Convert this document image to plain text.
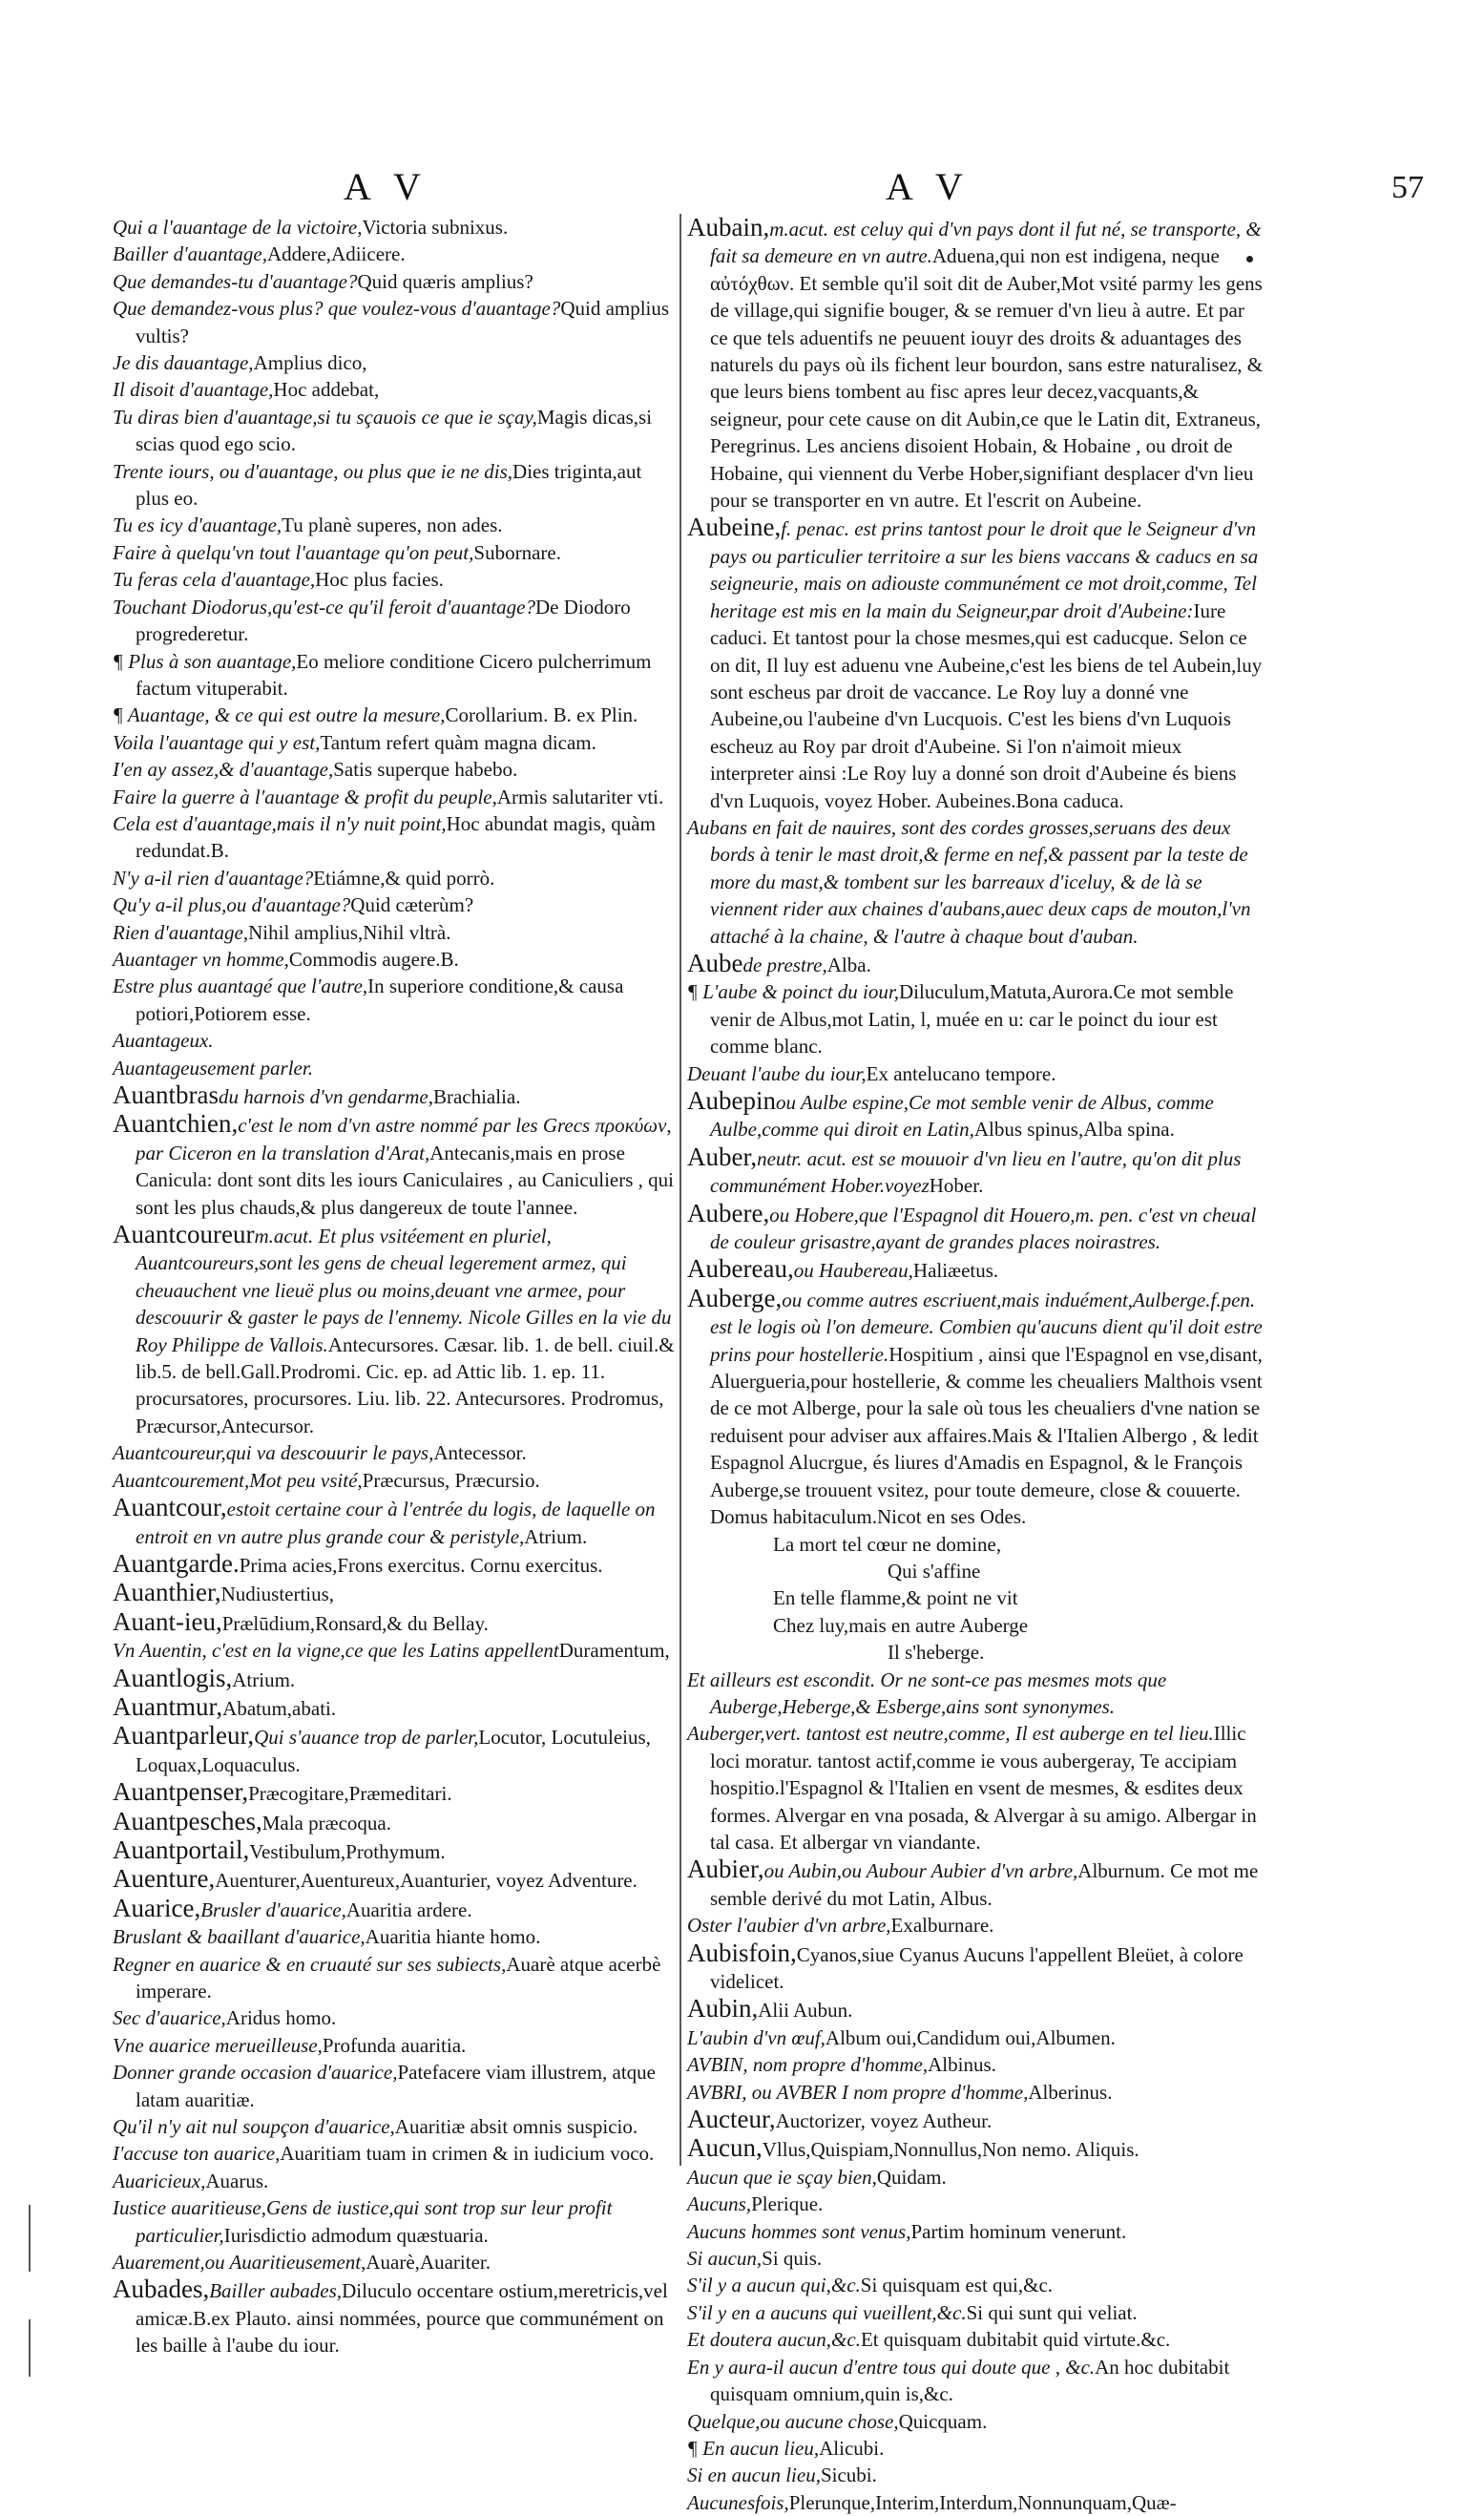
A V	A V	57

Qui a l'auantage de la victoire,Victoria subnixus.

Bailler d'auantage,Addere,Adiicere.

Que demandes-tu d'auantage?Quid quæris amplius?

Que demandez-vous plus? que voulez-vous d'auantage?Quid amplius vultis?

Je dis dauantage,Amplius dico,

Il disoit d'auantage,Hoc addebat,

Tu diras bien d'auantage,si tu sçauois ce que ie sçay,Magis dicas,si scias quod ego scio.

Trente iours, ou d'auantage, ou plus que ie ne dis,Dies triginta,aut plus eo.

Tu es icy d'auantage,Tu planè superes, non ades.

Faire à quelqu'vn tout l'auantage qu'on peut,Subornare.

Tu feras cela d'auantage,Hoc plus facies.

Touchant Diodorus,qu'est-ce qu'il feroit d'auantage?De Diodoro progrederetur.

¶ Plus à son auantage,Eo meliore conditione Cicero pulcherrimum factum vituperabit.

¶ Auantage, & ce qui est outre la mesure,Corollarium. B. ex Plin.

Voila l'auantage qui y est,Tantum refert quàm magna dicam.

I'en ay assez,& d'auantage,Satis superque habebo.

Faire la guerre à l'auantage & profit du peuple,Armis salutariter vti.

Cela est d'auantage,mais il n'y nuit point,Hoc abundat magis, quàm redundat.B.

N'y a-il rien d'auantage?Etiámne,& quid porrò.

Qu'y a-il plus,ou d'auantage?Quid cæterùm?

Rien d'auantage,Nihil amplius,Nihil vltrà.

Auantager vn homme,Commodis augere.B.

Estre plus auantagé que l'autre,In superiore conditione,& causa potiori,Potiorem esse.

Auantageux.

Auantageusement parler.

Auantbrasdu harnois d'vn gendarme,Brachialia.

Auantchien,c'est le nom d'vn astre nommé par les Grecs προκύων, par Ciceron en la translation d'Arat,Antecanis,mais en prose Canicula: dont sont dits les iours Caniculaires , au Caniculiers , qui sont les plus chauds,& plus dangereux de toute l'annee.

Auantcoureurm.acut. Et plus vsitéement en pluriel, Auantcoureurs,sont les gens de cheual legerement armez, qui cheuauchent vne lieuë plus ou moins,deuant vne armee, pour descouurir & gaster le pays de l'ennemy. Nicole Gilles en la vie du Roy Philippe de Vallois.Antecursores. Cæsar. lib. 1. de bell. ciuil.& lib.5. de bell.Gall.Prodromi. Cic. ep. ad Attic lib. 1. ep. 11. procursatores, procursores. Liu. lib. 22. Antecursores. Prodromus, Præcursor,Antecursor.

Auantcoureur,qui va descouurir le pays,Antecessor.

Auantcourement,Mot peu vsité,Præcursus, Præcursio.

Auantcour,estoit certaine cour à l'entrée du logis, de laquelle on entroit en vn autre plus grande cour & peristyle,Atrium.

Auantgarde.Prima acies,Frons exercitus. Cornu exercitus.

Auanthier,Nudiustertius,

Auant-ieu,Prælūdium,Ronsard,& du Bellay.

Vn Auentin, c'est en la vigne,ce que les Latins appellentDuramentum,

Auantlogis,Atrium.

Auantmur,Abatum,abati.

Auantparleur,Qui s'auance trop de parler,Locutor, Locutuleius, Loquax,Loquaculus.

Auantpenser,Præcogitare,Præmeditari.

Auantpesches,Mala præcoqua.

Auantportail,Vestibulum,Prothymum.

Auenture,Auenturer,Auentureux,Auanturier, voyez Adventure.

Auarice,Brusler d'auarice,Auaritia ardere.

Bruslant & baaillant d'auarice,Auaritia hiante homo.

Regner en auarice & en cruauté sur ses subiects,Auarè atque acerbè imperare.

Sec d'auarice,Aridus homo.

Vne auarice merueilleuse,Profunda auaritia.

Donner grande occasion d'auarice,Patefacere viam illustrem, atque latam auaritiæ.

Qu'il n'y ait nul soupçon d'auarice,Auaritiæ absit omnis suspicio.

I'accuse ton auarice,Auaritiam tuam in crimen & in iudicium voco.

Auaricieux,Auarus.

Iustice auaritieuse,Gens de iustice,qui sont trop sur leur profit particulier,Iurisdictio admodum quæstuaria.

Auarement,ou Auaritieusement,Auarè,Auariter.

Aubades,Bailler aubades,Diluculo occentare ostium,meretricis,vel amicæ.B.ex Plauto. ainsi nommées, pource que communément on les baille à l'aube du iour.

Aubain,m.acut. est celuy qui d'vn pays dont il fut né, se transporte, & fait sa demeure en vn autre.Aduena,qui non est indigena, neque αὐτόχθων. Et semble qu'il soit dit de Auber,Mot vsité parmy les gens de village,qui signifie bouger, & se remuer d'vn lieu à autre. Et par ce que tels aduentifs ne peuuent iouyr des droits & aduantages des naturels du pays où ils fichent leur bourdon, sans estre naturalisez, & que leurs biens tombent au fisc apres leur decez,vacquants,& seigneur, pour cete cause on dit Aubin,ce que le Latin dit, Extraneus, Peregrinus. Les anciens disoient Hobain, & Hobaine , ou droit de Hobaine, qui viennent du Verbe Hober,signifiant desplacer d'vn lieu pour se transporter en vn autre. Et l'escrit on Aubeine.

Aubeine,f. penac. est prins tantost pour le droit que le Seigneur d'vn pays ou particulier territoire a sur les biens vaccans & caducs en sa seigneurie, mais on adiouste communément ce mot droit,comme, Tel heritage est mis en la main du Seigneur,par droit d'Aubeine:Iure caduci. Et tantost pour la chose mesmes,qui est caducque. Selon ce on dit, Il luy est aduenu vne Aubeine,c'est les biens de tel Aubein,luy sont escheus par droit de vaccance. Le Roy luy a donné vne Aubeine,ou l'aubeine d'vn Lucquois. C'est les biens d'vn Luquois escheuz au Roy par droit d'Aubeine. Si l'on n'aimoit mieux interpreter ainsi :Le Roy luy a donné son droit d'Aubeine és biens d'vn Luquois, voyez Hober. Aubeines.Bona caduca.

Aubans en fait de nauires, sont des cordes grosses,seruans des deux bords à tenir le mast droit,& ferme en nef,& passent par la teste de more du mast,& tombent sur les barreaux d'iceluy, & de là se viennent rider aux chaines d'aubans,auec deux caps de mouton,l'vn attaché à la chaine, & l'autre à chaque bout d'auban.

Aubede prestre,Alba.

¶ L'aube & poinct du iour,Diluculum,Matuta,Aurora.Ce mot semble venir de Albus,mot Latin, l, muée en u: car le poinct du iour est comme blanc.

Deuant l'aube du iour,Ex antelucano tempore.

Aubepinou Aulbe espine,Ce mot semble venir de Albus, comme Aulbe,comme qui diroit en Latin,Albus spinus,Alba spina.

Auber,neutr. acut. est se mouuoir d'vn lieu en l'autre, qu'on dit plus communément Hober.voyezHober.

Aubere,ou Hobere,que l'Espagnol dit Houero,m. pen. c'est vn cheual de couleur grisastre,ayant de grandes places noirastres.

Aubereau,ou Haubereau,Haliæetus.

Auberge,ou comme autres escriuent,mais induément,Aulberge.f.pen. est le logis où l'on demeure. Combien qu'aucuns dient qu'il doit estre prins pour hostellerie.Hospitium , ainsi que l'Espagnol en vse,disant, Aluergueria,pour hostellerie, & comme les cheualiers Malthois vsent de ce mot Alberge, pour la sale où tous les cheualiers d'vne nation se reduisent pour adviser aux affaires.Mais & l'Italien Albergo , & ledit Espagnol Alucrgue, és liures d'Amadis en Espagnol, & le François Auberge,se trouuent vsitez, pour toute demeure, close & couuerte. Domus habitaculum.Nicot en ses Odes.

La mort tel cœur ne domine,

Qui s'affine

En telle flamme,& point ne vit

Chez luy,mais en autre Auberge

Il s'heberge.

Et ailleurs est escondit. Or ne sont-ce pas mesmes mots que Auberge,Heberge,& Esberge,ains sont synonymes.

Auberger,vert. tantost est neutre,comme, Il est auberge en tel lieu.Illic loci moratur. tantost actif,comme ie vous aubergeray, Te accipiam hospitio.l'Espagnol & l'Italien en vsent de mesmes, & esdites deux formes. Alvergar en vna posada, & Alvergar à su amigo. Albergar in tal casa. Et albergar vn viandante.

Aubier,ou Aubin,ou Aubour Aubier d'vn arbre,Alburnum. Ce mot me semble derivé du mot Latin, Albus.

Oster l'aubier d'vn arbre,Exalburnare.

Aubisfoin,Cyanos,siue Cyanus Aucuns l'appellent Bleüet, à colore videlicet.

Aubin,Alii Aubun.

L'aubin d'vn œuf,Album oui,Candidum oui,Albumen.

AVBIN, nom propre d'homme,Albinus.

AVBRI, ou AVBER I nom propre d'homme,Alberinus.

Aucteur,Auctorizer, voyez Autheur.

Aucun,Vllus,Quispiam,Nonnullus,Non nemo. Aliquis.

Aucun que ie sçay bien,Quidam.

Aucuns,Plerique.

Aucuns hommes sont venus,Partim hominum venerunt.

Si aucun,Si quis.

S'il y a aucun qui,&c.Si quisquam est qui,&c.

S'il y en a aucuns qui vueillent,&c.Si qui sunt qui veliat.

Et doutera aucun,&c.Et quisquam dubitabit quid virtute.&c.

En y aura-il aucun d'entre tous qui doute que , &c.An hoc dubitabit quisquam omnium,quin is,&c.

Quelque,ou aucune chose,Quicquam.

¶ En aucun lieu,Alicubi.

Si en aucun lieu,Sicubi.

Aucunesfois,Plerunque,Interim,Interdum,Nonnunquam,Quæ-
